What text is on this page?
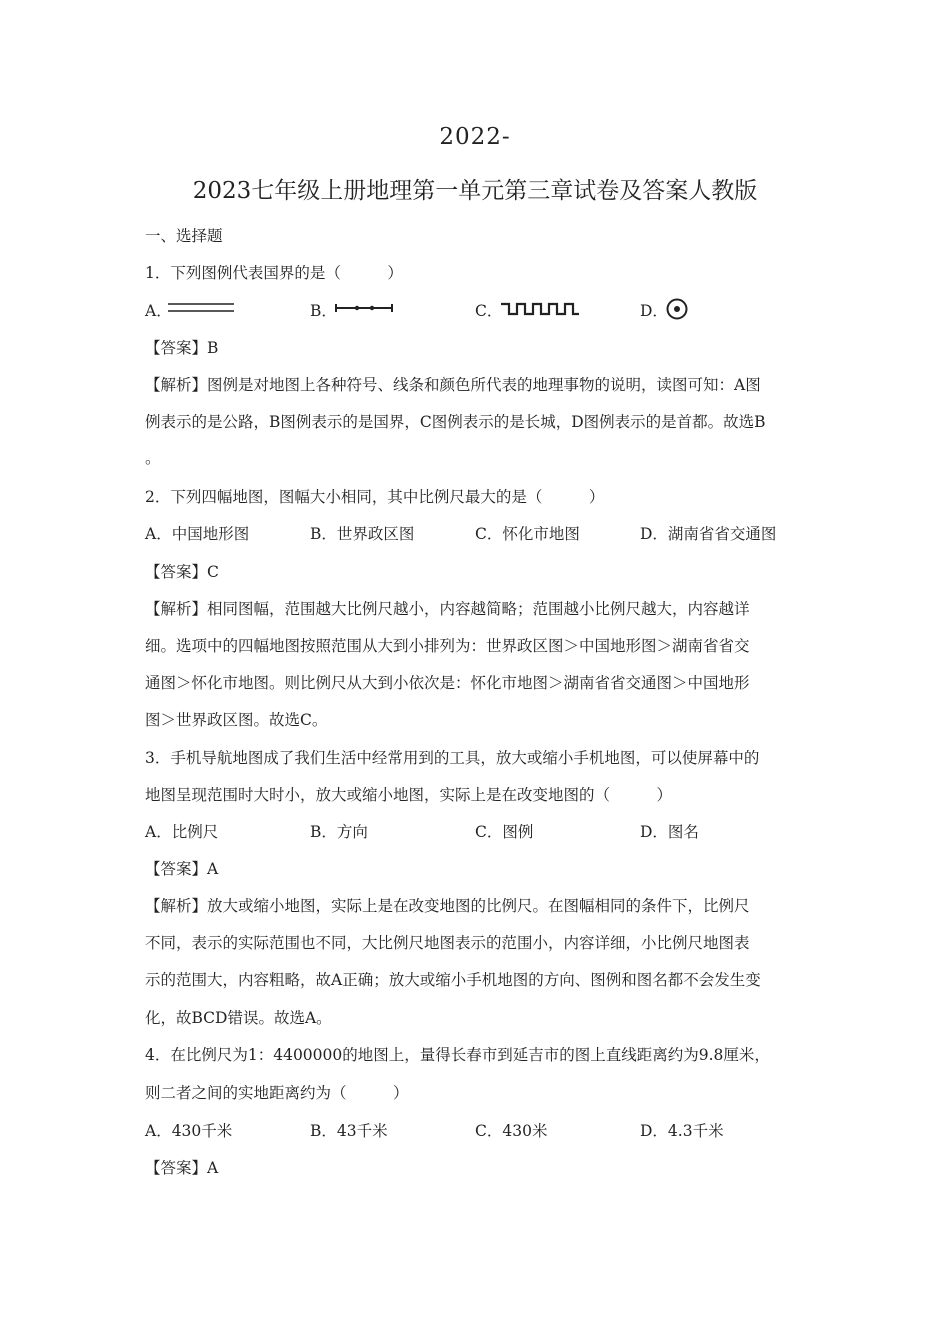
2022-
2023七年级上册地理第一单元第三章试卷及答案人教版
一、选择题
1．下列图例代表国界的是（　　　）
A．	B．	C．	D．
【答案】B
【解析】图例是对地图上各种符号、线条和颜色所代表的地理事物的说明，读图可知：A图
例表示的是公路，B图例表示的是国界，C图例表示的是长城，D图例表示的是首都。故选B
。
2．下列四幅地图，图幅大小相同，其中比例尺最大的是（　　　）
A．中国地形图	B．世界政区图	C．怀化市地图	D．湖南省省交通图
【答案】C
【解析】相同图幅，范围越大比例尺越小，内容越简略；范围越小比例尺越大，内容越详
细。选项中的四幅地图按照范围从大到小排列为：世界政区图＞中国地形图＞湖南省省交
通图＞怀化市地图。则比例尺从大到小依次是：怀化市地图＞湖南省省交通图＞中国地形
图＞世界政区图。故选C。
3．手机导航地图成了我们生活中经常用到的工具，放大或缩小手机地图，可以使屏幕中的
地图呈现范围时大时小，放大或缩小地图，实际上是在改变地图的（　　　）
A．比例尺	B．方向	C．图例	D．图名
【答案】A
【解析】放大或缩小地图，实际上是在改变地图的比例尺。在图幅相同的条件下，比例尺
不同，表示的实际范围也不同，大比例尺地图表示的范围小，内容详细，小比例尺地图表
示的范围大，内容粗略，故A正确；放大或缩小手机地图的方向、图例和图名都不会发生变
化，故BCD错误。故选A。
4．在比例尺为1：4400000的地图上，量得长春市到延吉市的图上直线距离约为9.8厘米，
则二者之间的实地距离约为（　　　）
A．430千米	B．43千米	C．430米	D．4.3千米
【答案】A
